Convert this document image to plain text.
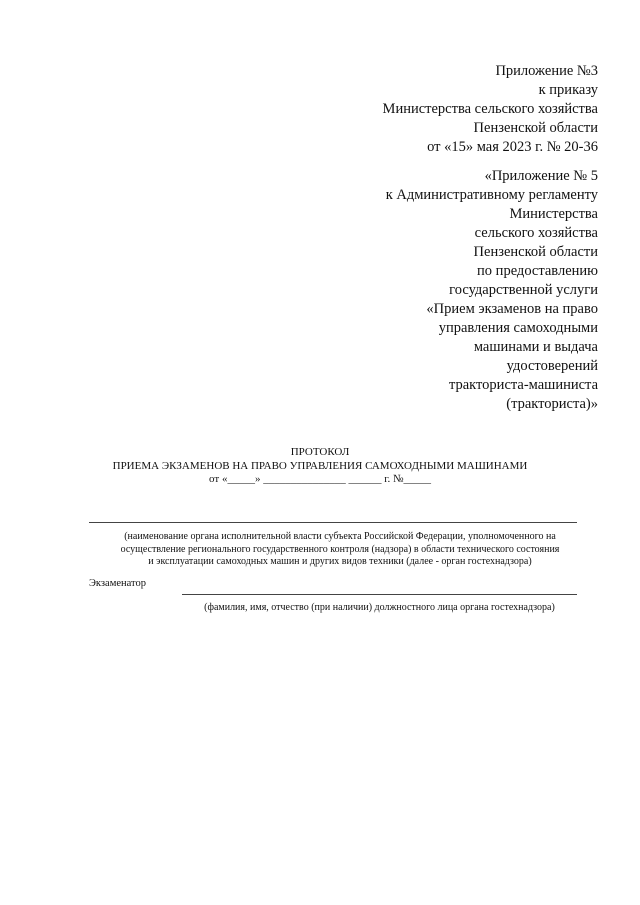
Приложение №3
к приказу
Министерства сельского хозяйства
Пензенской области
от «15» мая 2023 г. № 20-36
«Приложение № 5
к Административному регламенту
Министерства
сельского хозяйства
Пензенской области
по предоставлению
государственной услуги
«Прием экзаменов на право
управления самоходными
машинами и выдача
удостоверений
тракториста-машиниста
(тракториста)»
ПРОТОКОЛ
ПРИЕМА ЭКЗАМЕНОВ НА ПРАВО УПРАВЛЕНИЯ САМОХОДНЫМИ МАШИНАМИ
от «_____» _______________ ______ г. №_____
(наименование органа исполнительной власти субъекта Российской Федерации, уполномоченного на
осуществление регионального государственного контроля (надзора) в области технического состояния
и эксплуатации самоходных машин и других видов техники (далее - орган гостехнадзора)
Экзаменатор
(фамилия, имя, отчество (при наличии) должностного лица органа гостехнадзора)
